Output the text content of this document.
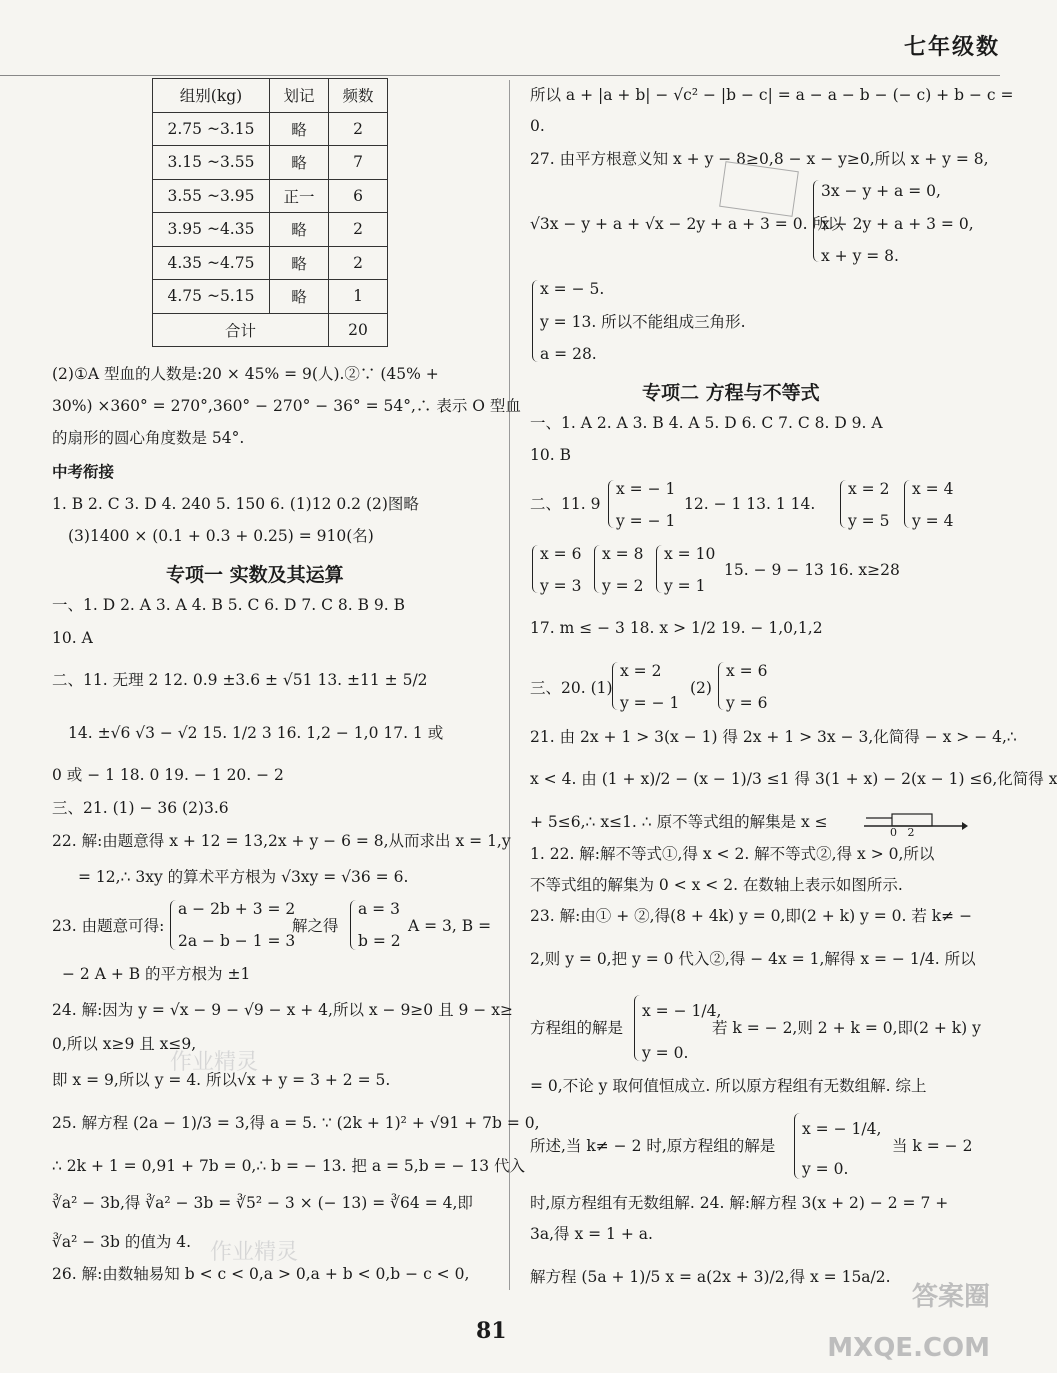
七年级数
组别(kg)	划记	频数
2.75 ~3.15	略	2
3.15 ~3.55	略	7
3.55 ~3.95	正一	6
3.95 ~4.35	略	2
4.35 ~4.75	略	2
4.75 ~5.15	略	1
合计		20
(2)①A 型血的人数是:20 × 45% = 9(人).②∵ (45% +
30%) ×360° = 270°,360° − 270° − 36° = 54°,∴ 表示 O 型血
的扇形的圆心角度数是 54°.
中考衔接
1. B 2. C 3. D 4. 240 5. 150 6. (1)12 0.2 (2)图略
(3)1400 × (0.1 + 0.3 + 0.25) = 910(名)
专项一 实数及其运算
一、1. D 2. A 3. A 4. B 5. C 6. D 7. C 8. B 9. B
10. A
二、11. 无理 2 12. 0.9 ±3.6 ± √51 13. ±11 ± 5/2
14. ±√6 √3 − √2 15. 1/2 3 16. 1,2 − 1,0 17. 1 或
0 或 − 1 18. 0 19. − 1 20. − 2
三、21. (1) − 36 (2)3.6
22. 解:由题意得 x + 12 = 13,2x + y − 6 = 8,从而求出 x = 1,y
= 12,∴ 3xy 的算术平方根为 √3xy = √36 = 6.
23. 由题意可得:
a − 2b + 3 = 2
2a − b − 1 = 3
解之得
a = 3
b = 2
A = 3, B =
− 2 A + B 的平方根为 ±1
24. 解:因为 y = √x − 9 − √9 − x + 4,所以 x − 9≥0 且 9 − x≥
0,所以 x≥9 且 x≤9,
即 x = 9,所以 y = 4. 所以√x + y = 3 + 2 = 5.
25. 解方程 (2a − 1)/3 = 3,得 a = 5. ∵ (2k + 1)² + √91 + 7b = 0,
∴ 2k + 1 = 0,91 + 7b = 0,∴ b = − 13. 把 a = 5,b = − 13 代入
∛a² − 3b,得 ∛a² − 3b = ∛5² − 3 × (− 13) = ∛64 = 4,即
∛a² − 3b 的值为 4.
26. 解:由数轴易知 b < c < 0,a > 0,a + b < 0,b − c < 0,
作业精灵
作业精灵
所以 a + |a + b| − √c² − |b − c| = a − a − b − (− c) + b − c =
0.
27. 由平方根意义知 x + y − 8≥0,8 − x − y≥0,所以 x + y = 8,
√3x − y + a + √x − 2y + a + 3 = 0. 所以
3x − y + a = 0,
x − 2y + a + 3 = 0,
x + y = 8.
x = − 5.
y = 13. 所以不能组成三角形.
a = 28.
专项二 方程与不等式
一、1. A 2. A 3. B 4. A 5. D 6. C 7. C 8. D 9. A
10. B
二、11. 9
x = − 1
y = − 1
12. − 1 13. 1 14.
x = 2
y = 5
x = 4
y = 4
x = 6
y = 3
x = 8
y = 2
x = 10
y = 1
15. − 9 − 13 16. x≥28
17. m ≤ − 3 18. x > 1/2 19. − 1,0,1,2
三、20. (1)
x = 2
y = − 1
(2)
x = 6
y = 6
21. 由 2x + 1 > 3(x − 1) 得 2x + 1 > 3x − 3,化简得 − x > − 4,∴
x < 4. 由 (1 + x)/2 − (x − 1)/3 ≤1 得 3(1 + x) − 2(x − 1) ≤6,化简得 x
+ 5≤6,∴ x≤1. ∴ 原不等式组的解集是 x ≤
0   2
1. 22. 解:解不等式①,得 x < 2. 解不等式②,得 x > 0,所以
不等式组的解集为 0 < x < 2. 在数轴上表示如图所示.
23. 解:由① + ②,得(8 + 4k) y = 0,即(2 + k) y = 0. 若 k≠ −
2,则 y = 0,把 y = 0 代入②,得 − 4x = 1,解得 x = − 1/4. 所以
方程组的解是
x = − 1/4,
y = 0.
若 k = − 2,则 2 + k = 0,即(2 + k) y
= 0,不论 y 取何值恒成立. 所以原方程组有无数组解. 综上
所述,当 k≠ − 2 时,原方程组的解是
x = − 1/4,
y = 0.
当 k = − 2
时,原方程组有无数组解. 24. 解:解方程 3(x + 2) − 2 = 7 +
3a,得 x = 1 + a.
解方程 (5a + 1)/5 x = a(2x + 3)/2,得 x = 15a/2.
81
答案圈
MXQE.COM
